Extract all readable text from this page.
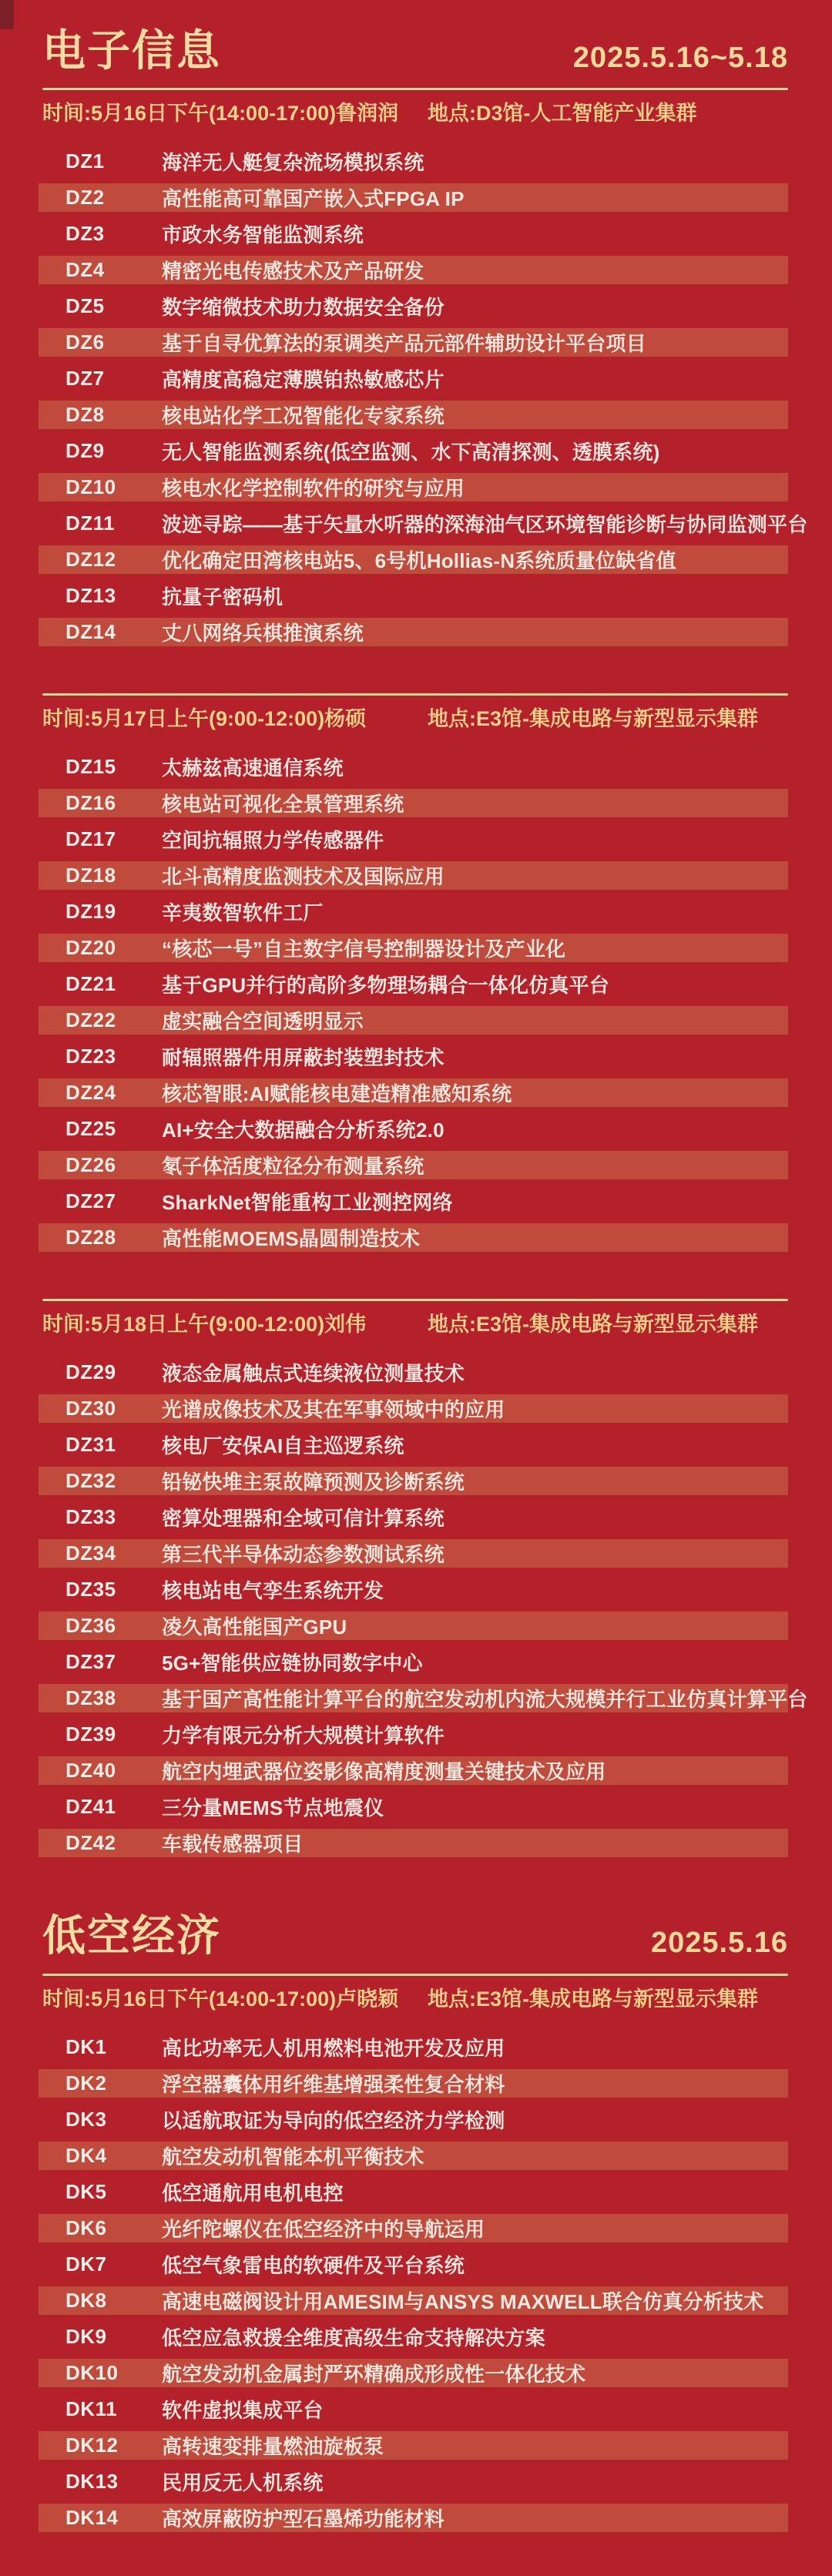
电子信息	2025.5.16~5.18
时间:5月16日下午(14:00-17:00)鲁润润	地点:D3馆-人工智能产业集群
DZ1	海洋无人艇复杂流场模拟系统
DZ2	高性能高可靠国产嵌入式FPGA IP
DZ3	市政水务智能监测系统
DZ4	精密光电传感技术及产品研发
DZ5	数字缩微技术助力数据安全备份
DZ6	基于自寻优算法的泵调类产品元部件辅助设计平台项目
DZ7	高精度高稳定薄膜铂热敏感芯片
DZ8	核电站化学工况智能化专家系统
DZ9	无人智能监测系统(低空监测、水下高清探测、透膜系统)
DZ10	核电水化学控制软件的研究与应用
DZ11	波迹寻踪——基于矢量水听器的深海油气区环境智能诊断与协同监测平台
DZ12	优化确定田湾核电站5、6号机Hollias-N系统质量位缺省值
DZ13	抗量子密码机
DZ14	丈八网络兵棋推演系统
时间:5月17日上午(9:00-12:00)杨硕	地点:E3馆-集成电路与新型显示集群
DZ15	太赫兹高速通信系统
DZ16	核电站可视化全景管理系统
DZ17	空间抗辐照力学传感器件
DZ18	北斗高精度监测技术及国际应用
DZ19	辛夷数智软件工厂
DZ20	“核芯一号”自主数字信号控制器设计及产业化
DZ21	基于GPU并行的高阶多物理场耦合一体化仿真平台
DZ22	虚实融合空间透明显示
DZ23	耐辐照器件用屏蔽封装塑封技术
DZ24	核芯智眼:AI赋能核电建造精准感知系统
DZ25	AI+安全大数据融合分析系统2.0
DZ26	氡子体活度粒径分布测量系统
DZ27	SharkNet智能重构工业测控网络
DZ28	高性能MOEMS晶圆制造技术
时间:5月18日上午(9:00-12:00)刘伟	地点:E3馆-集成电路与新型显示集群
DZ29	液态金属触点式连续液位测量技术
DZ30	光谱成像技术及其在军事领域中的应用
DZ31	核电厂安保AI自主巡逻系统
DZ32	铅铋快堆主泵故障预测及诊断系统
DZ33	密算处理器和全域可信计算系统
DZ34	第三代半导体动态参数测试系统
DZ35	核电站电气孪生系统开发
DZ36	凌久高性能国产GPU
DZ37	5G+智能供应链协同数字中心
DZ38	基于国产高性能计算平台的航空发动机内流大规模并行工业仿真计算平台
DZ39	力学有限元分析大规模计算软件
DZ40	航空内埋武器位姿影像高精度测量关键技术及应用
DZ41	三分量MEMS节点地震仪
DZ42	车载传感器项目
低空经济	2025.5.16
时间:5月16日下午(14:00-17:00)卢晓颖	地点:E3馆-集成电路与新型显示集群
DK1	高比功率无人机用燃料电池开发及应用
DK2	浮空器囊体用纤维基增强柔性复合材料
DK3	以适航取证为导向的低空经济力学检测
DK4	航空发动机智能本机平衡技术
DK5	低空通航用电机电控
DK6	光纤陀螺仪在低空经济中的导航运用
DK7	低空气象雷电的软硬件及平台系统
DK8	高速电磁阀设计用AMESIM与ANSYS MAXWELL联合仿真分析技术
DK9	低空应急救援全维度高级生命支持解决方案
DK10	航空发动机金属封严环精确成形成性一体化技术
DK11	软件虚拟集成平台
DK12	高转速变排量燃油旋板泵
DK13	民用反无人机系统
DK14	高效屏蔽防护型石墨烯功能材料
